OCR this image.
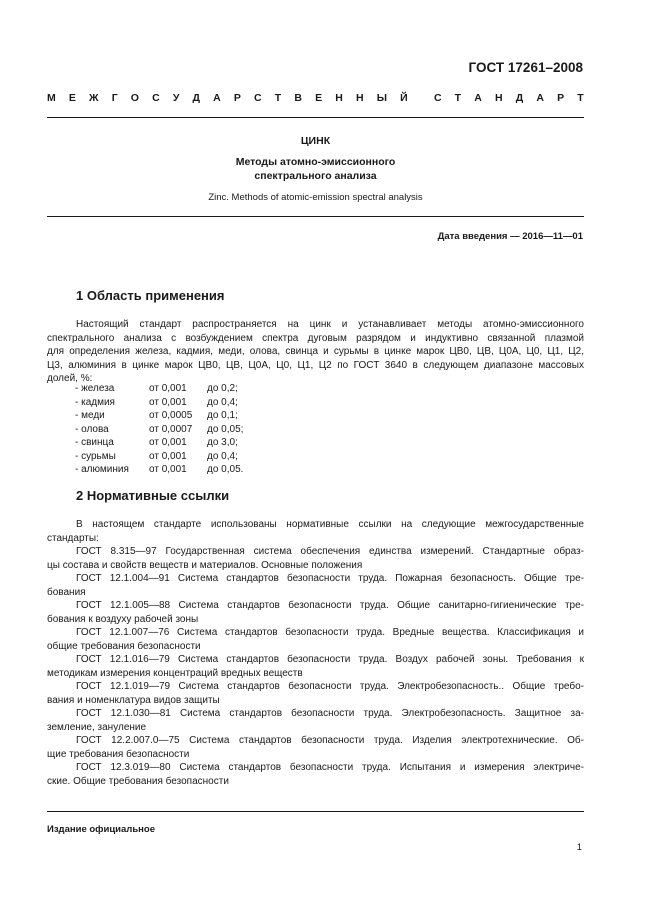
ГОСТ 17261–2008
М Е Ж Г О С У Д А Р С Т В Е Н Н Ы Й	С Т А Н Д А Р Т
ЦИНК
Методы атомно-эмиссионного
спектрального анализа
Zinc. Methods of atomic-emission spectral analysis
Дата введения — 2016—11—01
1 Область применения
Настоящий стандарт распространяется на цинк и устанавливает методы атомно-эмиссионного
спектрального анализа с возбуждением спектра дуговым разрядом и индуктивно связанной плазмой
для определения железа, кадмия, меди, олова, свинца и сурьмы в цинке марок ЦВ0, ЦВ, Ц0А, Ц0, Ц1, Ц2,
Ц3, алюминия в цинке марок ЦВ0, ЦВ, Ц0А, Ц0, Ц1, Ц2 по ГОСТ 3640 в следующем диапазоне массовых
долей, %:
- железа	от 0,001	до 0,2;
- кадмия	от 0,001	до 0,4;
- меди	от 0,0005	до 0,1;
- олова	от 0,0007	до 0,05;
- свинца	от 0,001	до 3,0;
- сурьмы	от 0,001	до 0,4;
- алюминия	от 0,001	до 0,05.
2 Нормативные ссылки
В настоящем стандарте использованы нормативные ссылки на следующие межгосударственные
стандарты:
ГОСТ 8.315—97 Государственная система обеспечения единства измерений. Стандартные образ-
цы состава и свойств веществ и материалов. Основные положения
ГОСТ 12.1.004—91 Система стандартов безопасности труда. Пожарная безопасность. Общие тре-
бования
ГОСТ 12.1.005—88 Система стандартов безопасности труда. Общие санитарно-гигиенические тре-
бования к воздуху рабочей зоны
ГОСТ 12.1.007—76 Система стандартов безопасности труда. Вредные вещества. Классификация и
общие требования безопасности
ГОСТ 12.1.016—79 Система стандартов безопасности труда. Воздух рабочей зоны. Требования к
методикам измерения концентраций вредных веществ
ГОСТ 12.1.019—79 Система стандартов безопасности труда. Электробезопасность.. Общие требо-
вания и номенклатура видов защиты
ГОСТ 12.1.030—81 Система стандартов безопасности труда. Электробезопасность. Защитное за-
земление, зануление
ГОСТ 12.2.007.0—75 Система стандартов безопасности труда. Изделия электротехнические. Об-
щие требования безопасности
ГОСТ 12.3.019—80 Система стандартов безопасности труда. Испытания и измерения электриче-
ские. Общие требования безопасности
Издание официальное
1
